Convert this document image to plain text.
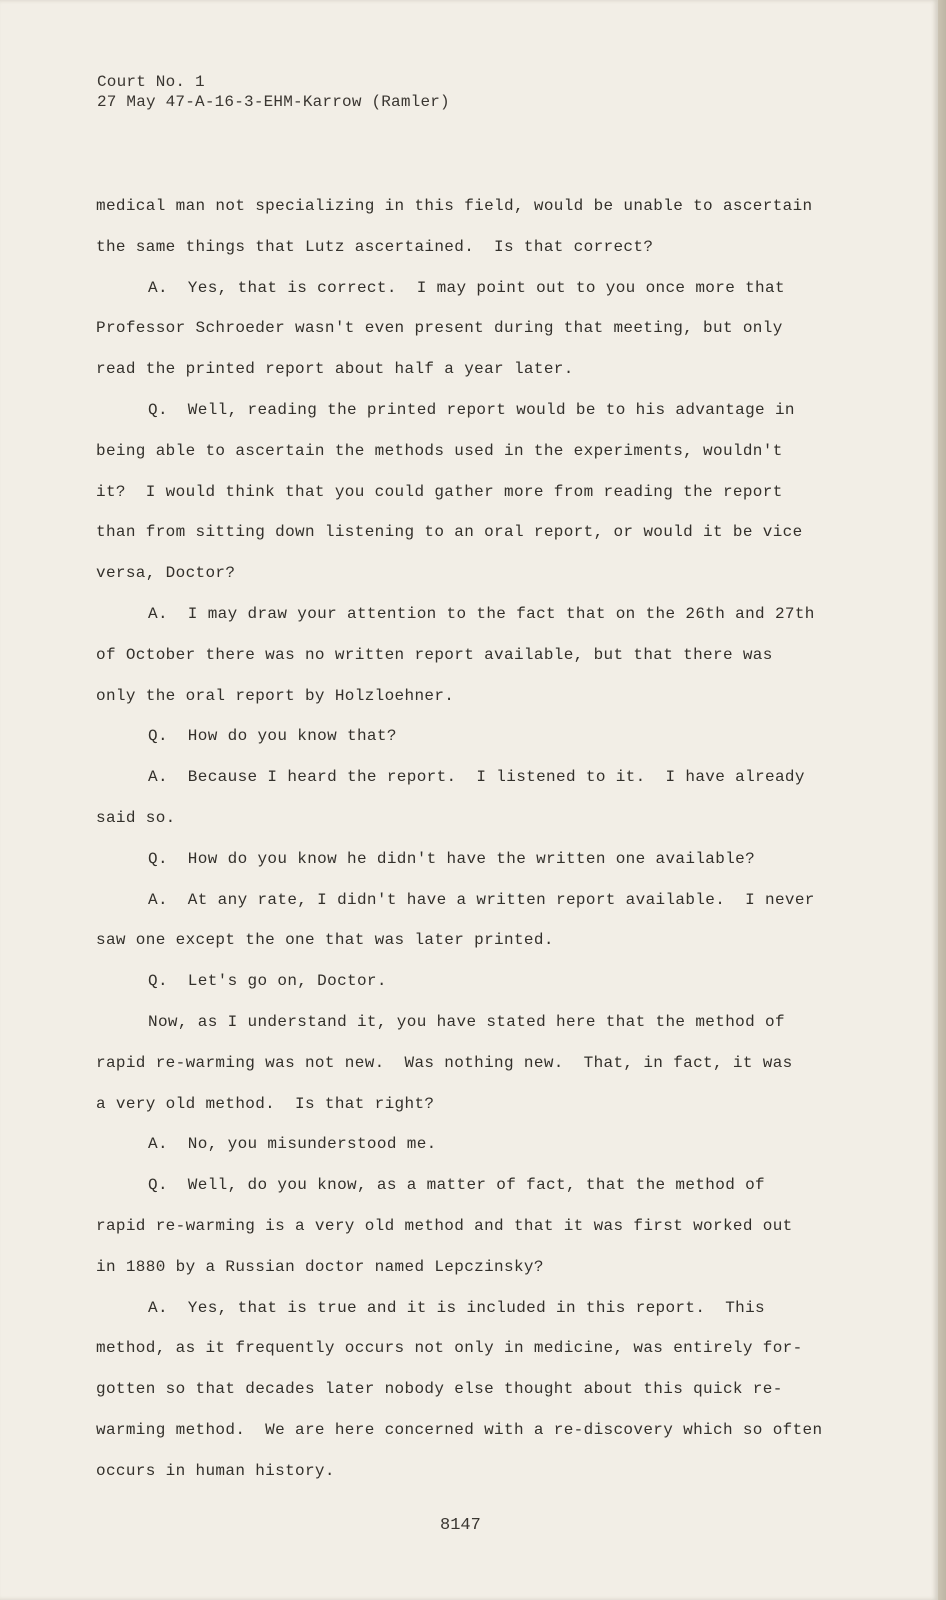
Court No. 1
27 May 47-A-16-3-EHM-Karrow (Ramler)
medical man not specializing in this field, would be unable to ascertain
the same things that Lutz ascertained.  Is that correct?
A.  Yes, that is correct.  I may point out to you once more that
Professor Schroeder wasn't even present during that meeting, but only
read the printed report about half a year later.
Q.  Well, reading the printed report would be to his advantage in
being able to ascertain the methods used in the experiments, wouldn't
it?  I would think that you could gather more from reading the report
than from sitting down listening to an oral report, or would it be vice
versa, Doctor?
A.  I may draw your attention to the fact that on the 26th and 27th
of October there was no written report available, but that there was
only the oral report by Holzloehner.
Q.  How do you know that?
A.  Because I heard the report.  I listened to it.  I have already
said so.
Q.  How do you know he didn't have the written one available?
A.  At any rate, I didn't have a written report available.  I never
saw one except the one that was later printed.
Q.  Let's go on, Doctor.
Now, as I understand it, you have stated here that the method of
rapid re-warming was not new.  Was nothing new.  That, in fact, it was
a very old method.  Is that right?
A.  No, you misunderstood me.
Q.  Well, do you know, as a matter of fact, that the method of
rapid re-warming is a very old method and that it was first worked out
in 1880 by a Russian doctor named Lepczinsky?
A.  Yes, that is true and it is included in this report.  This
method, as it frequently occurs not only in medicine, was entirely for-
gotten so that decades later nobody else thought about this quick re-
warming method.  We are here concerned with a re-discovery which so often
occurs in human history.
8147
